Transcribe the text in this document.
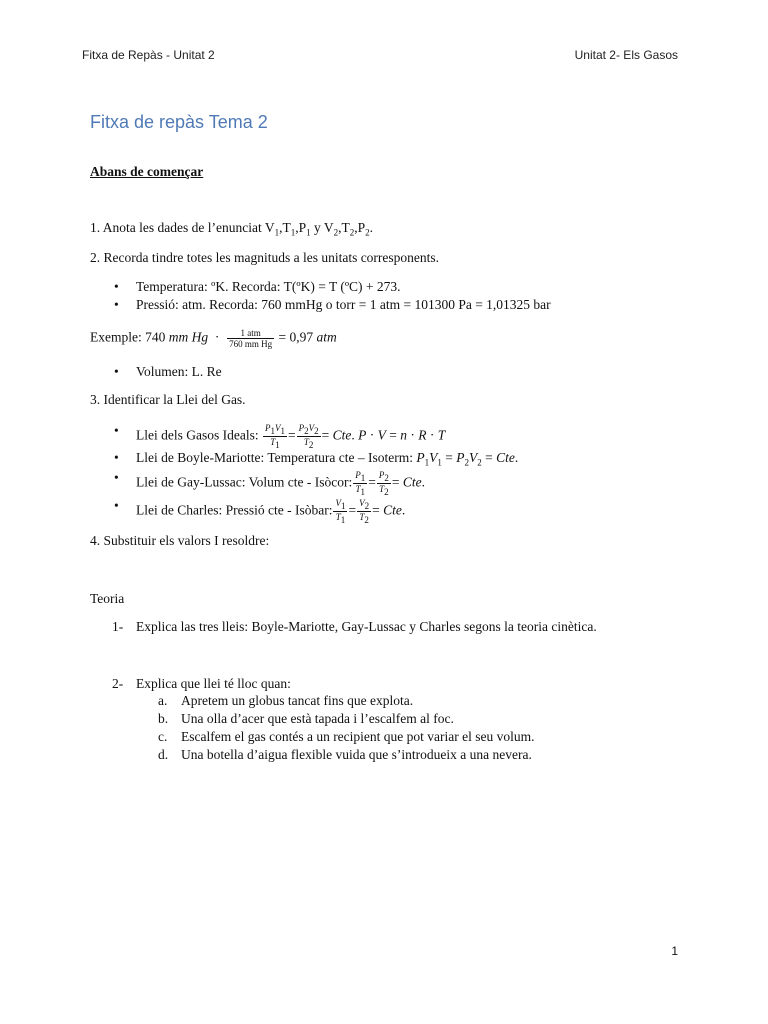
Fitxa de Repàs - Unitat 2	Unitat 2- Els Gasos
Fitxa de repàs Tema 2
Abans de començar
1. Anota les dades de l’enunciat $V_1,T_1,P_1$ y $V_2,T_2,P_2$.
2. Recorda tindre totes les magnituds a les unitats corresponents.
• Temperatura: ºK. Recorda: T(ºK) = T (ºC) + 273.
• Pressió: atm. Recorda: 760 mmHg o torr = 1 atm = 101300 Pa = 1,01325 bar
Exemple: 740 mm $Hg \cdot \frac{\text{1 atm}}{\text{760 mm Hg}} = 0,97$ atm
• Volumen: L. Re
3. Identificar la Llei del Gas.
• Llei dels Gasos Ideals: $\frac{P_1V_1}{T_1} = \frac{P_2V_2}{T_2}$ = Cte. P · V = n · R · T
• Llei de Boyle-Mariotte: Temperatura cte – Isoterm: $P_1V_1 = P_2V_2$ = Cte.
• Llei de Gay-Lussac: Volum cte - Isòcor: $\frac{P_1}{T_1} = \frac{P_2}{T_2}$ = Cte.
• Llei de Charles: Pressió cte - Isòbar: $\frac{V_1}{T_1} = \frac{V_2}{T_2}$ = Cte.
4. Substituir els valors I resoldre:
Teoria
1- Explica las tres lleis: Boyle-Mariotte, Gay-Lussac y Charles segons la teoria cinètica.
2- Explica que llei té lloc quan:
a. Apretem un globus tancat fins que explota.
b. Una olla d’acer que està tapada i l’escalfem al foc.
c. Escalfem el gas contés a un recipient que pot variar el seu volum.
d. Una botella d’aigua flexible vuida que s’introdueix a una nevera.
1
